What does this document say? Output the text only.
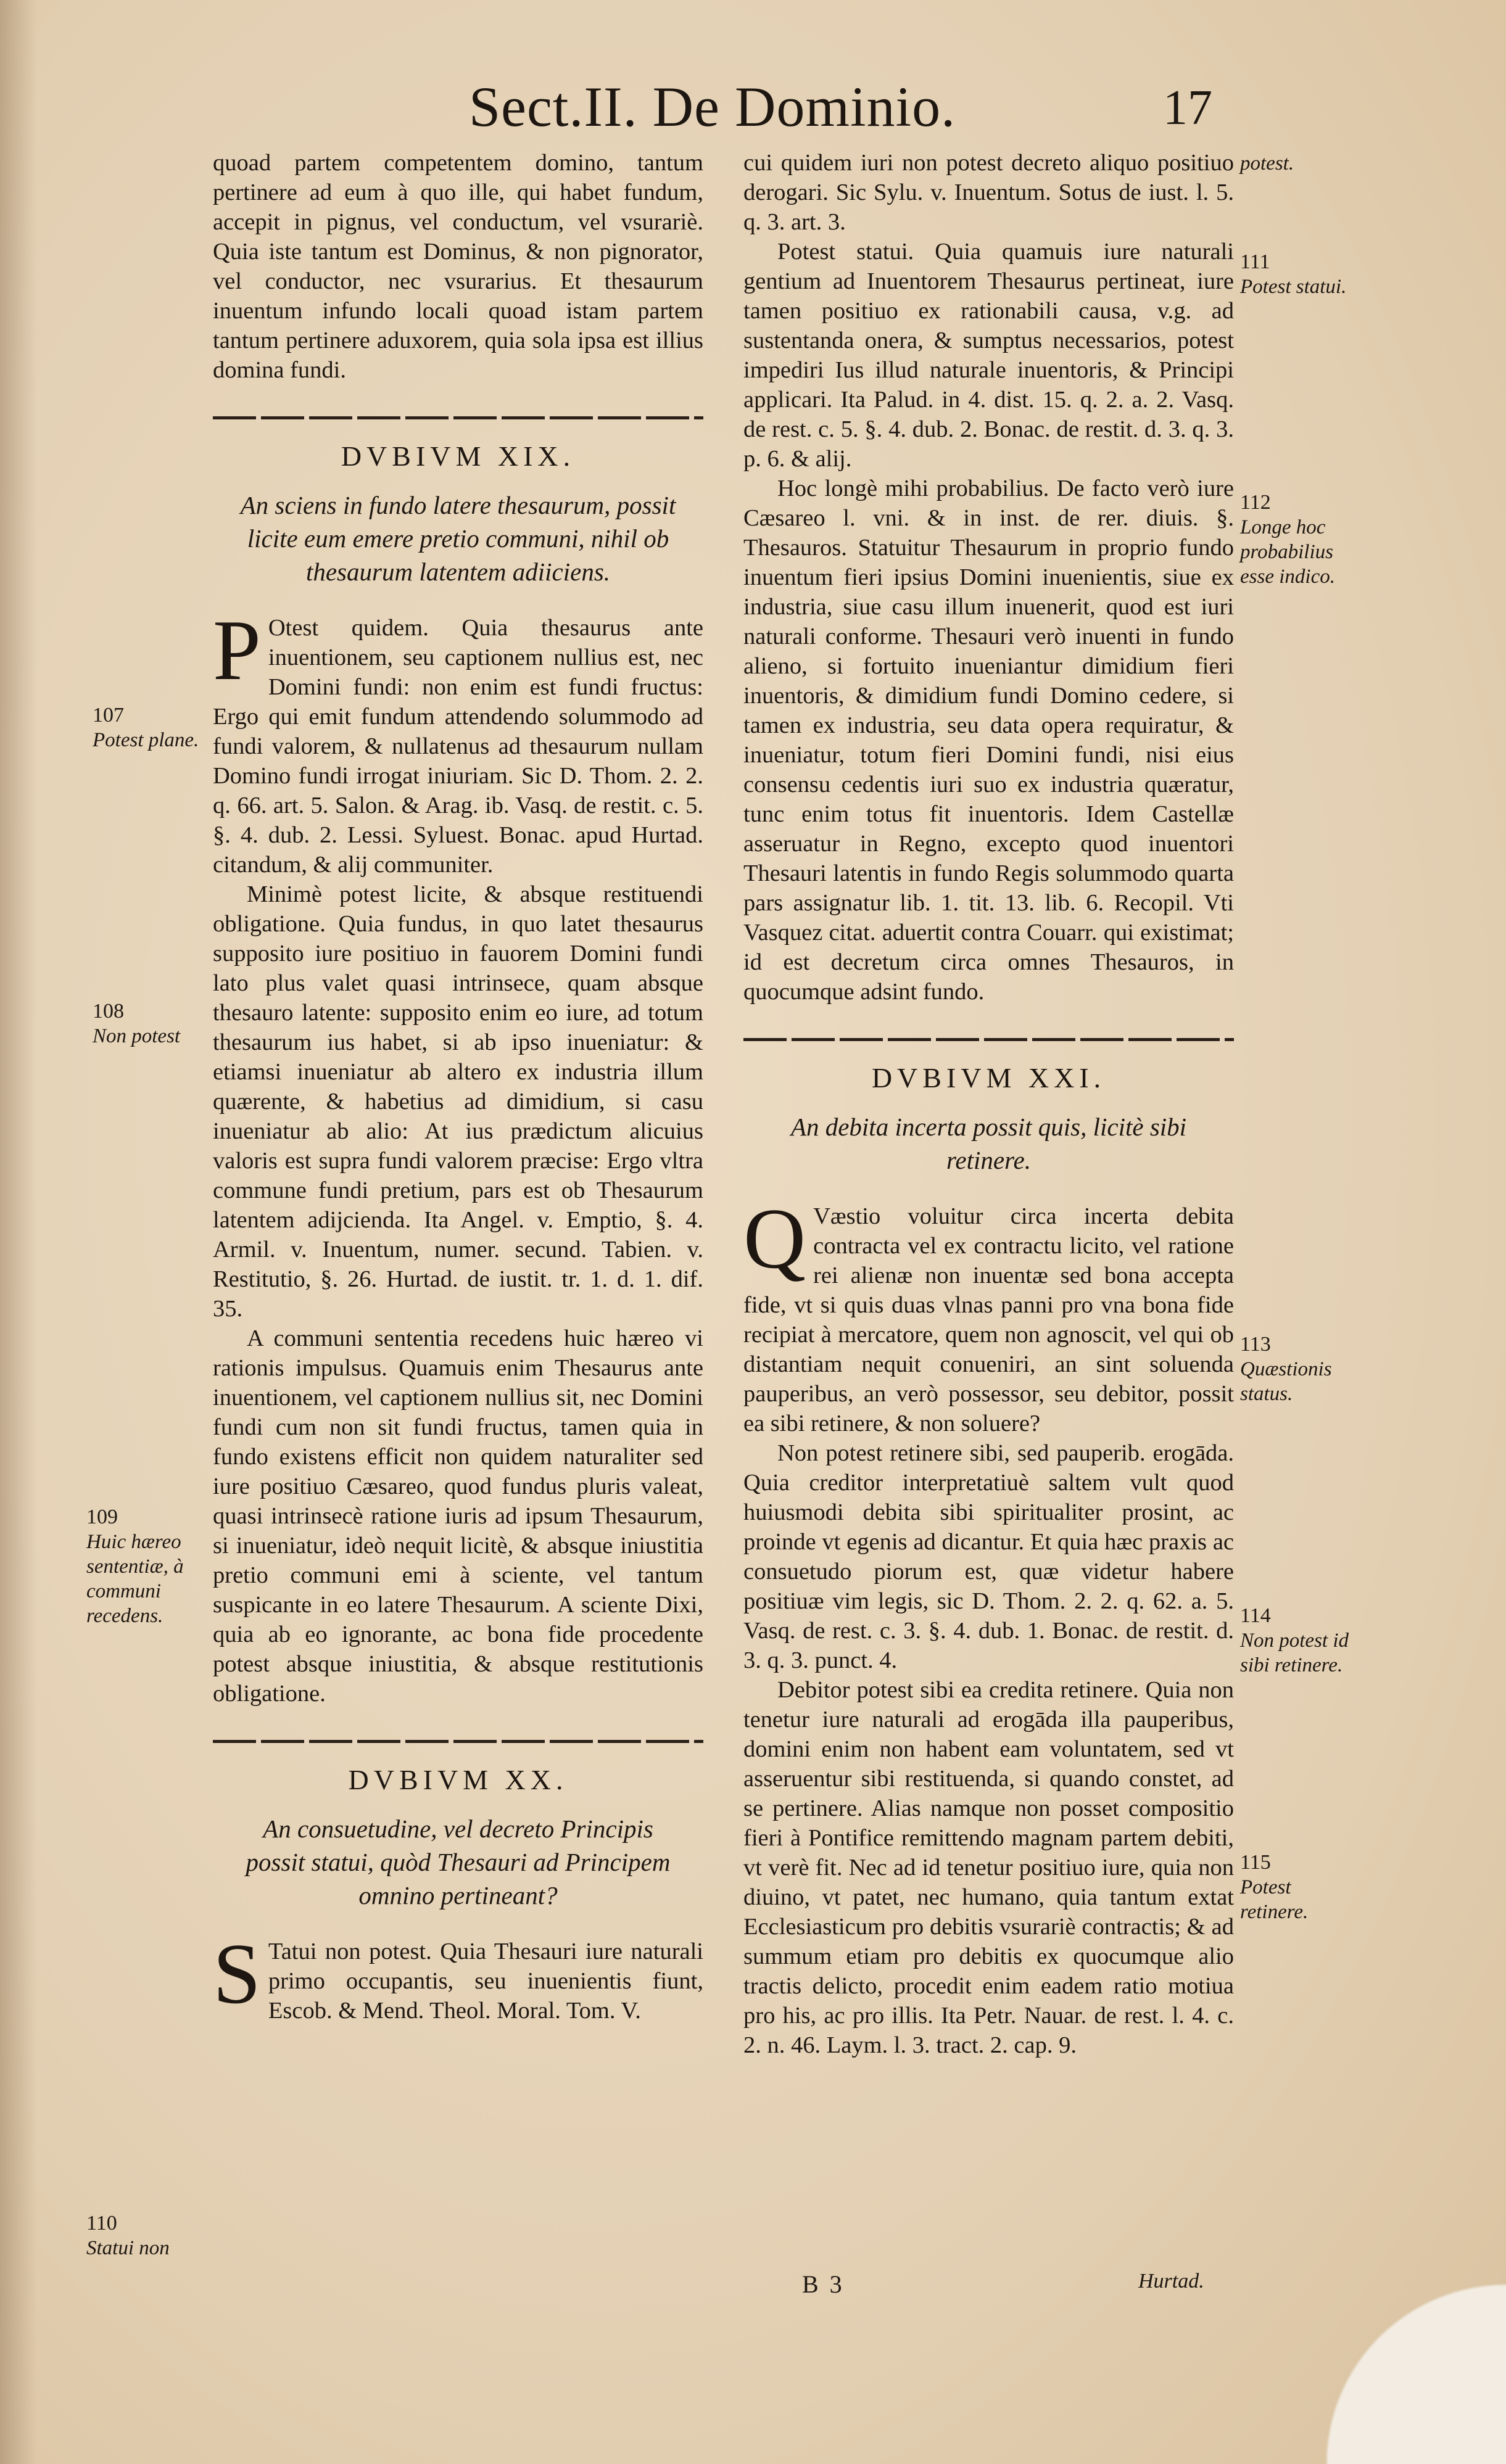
Sect.II. De Dominio.	17

quoad partem competentem domino, tantum pertinere ad eum à quo ille, qui habet fundum, accepit in pignus, vel conductum, vel vsurariè. Quia iste tantum est Dominus, & non pignorator, vel conductor, nec vsurarius. Et thesaurum inuentum infundo locali quoad istam partem tantum pertinere aduxorem, quia sola ipsa est illius domina fundi.

DVBIVM XIX.
An sciens in fundo latere thesaurum, possit licite eum emere pretio communi, nihil ob thesaurum latentem adiiciens.

P Otest quidem. Quia thesaurus ante inuentionem, seu captionem nullius est, nec Domini fundi: non enim est fundi fructus: Ergo qui emit fundum attendendo solummodo ad fundi valorem, & nullatenus ad thesaurum nullam Domino fundi irrogat iniuriam. Sic D. Thom. 2. 2. q. 66. art. 5. Salon. & Arag. ib. Vasq. de restit. c. 5. §. 4. dub. 2. Lessi. Syluest. Bonac. apud Hurtad. citandum, & alij communiter.

Minimè potest licite, & absque restituendi obligatione. Quia fundus, in quo latet thesaurus supposito iure positiuo in fauorem Domini fundi lato plus valet quasi intrinsece, quam absque thesauro latente: supposito enim eo iure, ad totum thesaurum ius habet, si ab ipso inueniatur: & etiamsi inueniatur ab altero ex industria illum quærente, & habetius ad dimidium, si casu inueniatur ab alio: At ius prædictum alicuius valoris est supra fundi valorem præcise: Ergo vltra commune fundi pretium, pars est ob Thesaurum latentem adijcienda. Ita Angel. v. Emptio, §. 4. Armil. v. Inuentum, numer. secund. Tabien. v. Restitutio, §. 26. Hurtad. de iustit. tr. 1. d. 1. dif. 35.

A communi sententia recedens huic hæreo vi rationis impulsus. Quamuis enim Thesaurus ante inuentionem, vel captionem nullius sit, nec Domini fundi cum non sit fundi fructus, tamen quia in fundo existens efficit non quidem naturaliter sed iure positiuo Cæsareo, quod fundus pluris valeat, quasi intrinsecè ratione iuris ad ipsum Thesaurum, si inueniatur, ideò nequit licitè, & absque iniustitia pretio communi emi à sciente, vel tantum suspicante in eo latere Thesaurum. A sciente Dixi, quia ab eo ignorante, ac bona fide procedente potest absque iniustitia, & absque restitutionis obligatione.

DVBIVM XX.
An consuetudine, vel decreto Principis possit statui, quòd Thesauri ad Principem omnino pertineant?

S Tatui non potest. Quia Thesauri iure naturali primo occupantis, seu inuenientis fiunt, Escob. & Mend. Theol. Moral. Tom. V.

cui quidem iuri non potest decreto aliquo positiuo derogari. Sic Sylu. v. Inuentum. Sotus de iust. l. 5. q. 3. art. 3.

Potest statui. Quia quamuis iure naturali gentium ad Inuentorem Thesaurus pertineat, iure tamen positiuo ex rationabili causa, v.g. ad sustentanda onera, & sumptus necessarios, potest impediri Ius illud naturale inuentoris, & Principi applicari. Ita Palud. in 4. dist. 15. q. 2. a. 2. Vasq. de rest. c. 5. §. 4. dub. 2. Bonac. de restit. d. 3. q. 3. p. 6. & alij.

Hoc longè mihi probabilius. De facto verò iure Cæsareo l. vni. & in inst. de rer. diuis. §. Thesauros. Statuitur Thesaurum in proprio fundo inuentum fieri ipsius Domini inuenientis, siue ex industria, siue casu illum inuenerit, quod est iuri naturali conforme. Thesauri verò inuenti in fundo alieno, si fortuito inueniantur dimidium fieri inuentoris, & dimidium fundi Domino cedere, si tamen ex industria, seu data opera requiratur, & inueniatur, totum fieri Domini fundi, nisi eius consensu cedentis iuri suo ex industria quæratur, tunc enim totus fit inuentoris. Idem Castellæ asseruatur in Regno, excepto quod inuentori Thesauri latentis in fundo Regis solummodo quarta pars assignatur lib. 1. tit. 13. lib. 6. Recopil. Vti Vasquez citat. aduertit contra Couarr. qui existimat; id est decretum circa omnes Thesauros, in quocumque adsint fundo.

DVBIVM XXI.
An debita incerta possit quis, licitè sibi retinere.

Q Væstio voluitur circa incerta debita contracta vel ex contractu licito, vel ratione rei alienæ non inuentæ sed bona accepta fide, vt si quis duas vlnas panni pro vna bona fide recipiat à mercatore, quem non agnoscit, vel qui ob distantiam nequit conueniri, an sint soluenda pauperibus, an verò possessor, seu debitor, possit ea sibi retinere, & non soluere?

Non potest retinere sibi, sed pauperib. erogāda. Quia creditor interpretatiuè saltem vult quod huiusmodi debita sibi spiritualiter prosint, ac proinde vt egenis ad dicantur. Et quia hæc praxis ac consuetudo piorum est, quæ videtur habere positiuæ vim legis, sic D. Thom. 2. 2. q. 62. a. 5. Vasq. de rest. c. 3. §. 4. dub. 1. Bonac. de restit. d. 3. q. 3. punct. 4.

Debitor potest sibi ea credita retinere. Quia non tenetur iure naturali ad erogāda illa pauperibus, domini enim non habent eam voluntatem, sed vt asseruentur sibi restituenda, si quando constet, ad se pertinere. Alias namque non posset compositio fieri à Pontifice remittendo magnam partem debiti, vt verè fit. Nec ad id tenetur positiuo iure, quia non diuino, vt patet, nec humano, quia tantum extat Ecclesiasticum pro debitis vsurariè contractis; & ad summum etiam pro debitis ex quocumque alio tractis delicto, procedit enim eadem ratio motiua pro his, ac pro illis. Ita Petr. Nauar. de rest. l. 4. c. 2. n. 46. Laym. l. 3. tract. 2. cap. 9.

107
Potest plane.
108
Non potest
109
Huic hæreo sententiæ, à communi recedens.
110
Statui non
potest.
111
Potest statui.
112
Longe hoc probabilius esse indico.
113
Quæstionis status.
114
Non potest id sibi retinere.
115
Potest retinere.
B 3	Hurtad.
